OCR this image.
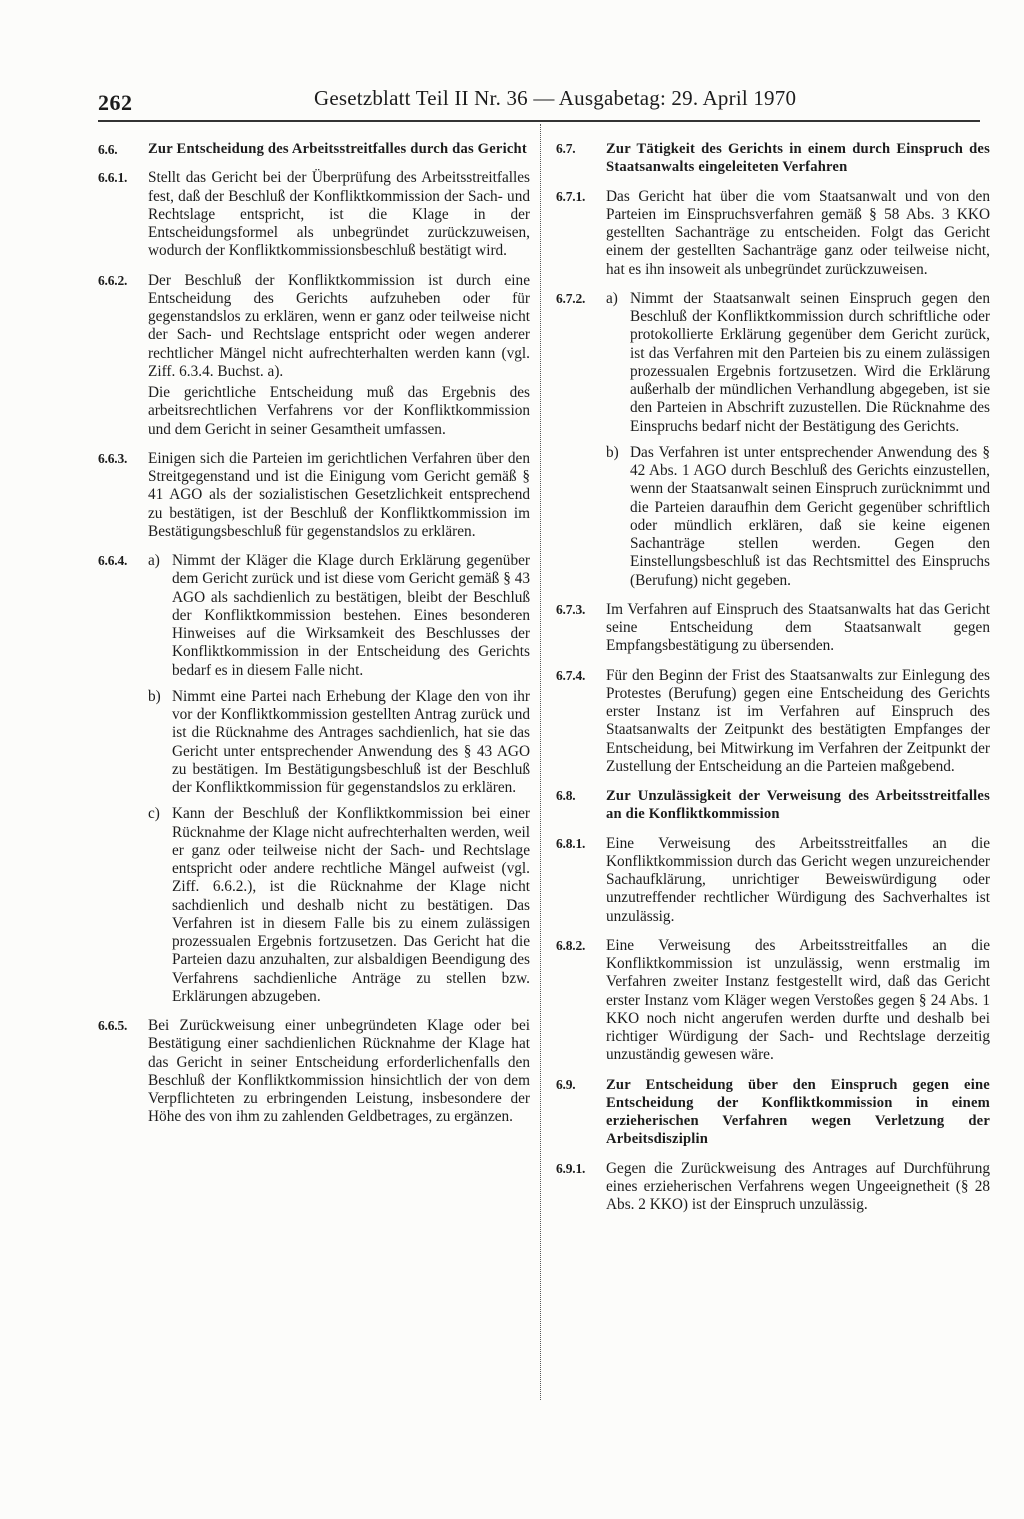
262	Gesetzblatt Teil II Nr. 36 — Ausgabetag: 29. April 1970
6.6. Zur Entscheidung des Arbeitsstreitfalles durch das Gericht

6.6.1. Stellt das Gericht bei der Überprüfung des Arbeitsstreitfalles fest, daß der Beschluß der Konfliktkommission der Sach- und Rechtslage entspricht, ist die Klage in der Entscheidungsformel als unbegründet zurückzuweisen, wodurch der Konfliktkommissionsbeschluß bestätigt wird.

6.6.2. Der Beschluß der Konfliktkommission ist durch eine Entscheidung des Gerichts aufzuheben oder für gegenstandslos zu erklären, wenn er ganz oder teilweise nicht der Sach- und Rechtslage entspricht oder wegen anderer rechtlicher Mängel nicht aufrechterhalten werden kann (vgl. Ziff. 6.3.4. Buchst. a).

Die gerichtliche Entscheidung muß das Ergebnis des arbeitsrechtlichen Verfahrens vor der Konfliktkommission und dem Gericht in seiner Gesamtheit umfassen.

6.6.3. Einigen sich die Parteien im gerichtlichen Verfahren über den Streitgegenstand und ist die Einigung vom Gericht gemäß § 41 AGO als der sozialistischen Gesetzlichkeit entsprechend zu bestätigen, ist der Beschluß der Konfliktkommission im Bestätigungsbeschluß für gegenstandslos zu erklären.

6.6.4. a) Nimmt der Kläger die Klage durch Erklärung gegenüber dem Gericht zurück und ist diese vom Gericht gemäß § 43 AGO als sachdienlich zu bestätigen, bleibt der Beschluß der Konfliktkommission bestehen. Eines besonderen Hinweises auf die Wirksamkeit des Beschlusses der Konfliktkommission in der Entscheidung des Gerichts bedarf es in diesem Falle nicht.

b) Nimmt eine Partei nach Erhebung der Klage den von ihr vor der Konfliktkommission gestellten Antrag zurück und ist die Rücknahme des Antrages sachdienlich, hat sie das Gericht unter entsprechender Anwendung des § 43 AGO zu bestätigen. Im Bestätigungsbeschluß ist der Beschluß der Konfliktkommission für gegenstandslos zu erklären.

c) Kann der Beschluß der Konfliktkommission bei einer Rücknahme der Klage nicht aufrechterhalten werden, weil er ganz oder teilweise nicht der Sach- und Rechtslage entspricht oder andere rechtliche Mängel aufweist (vgl. Ziff. 6.6.2.), ist die Rücknahme der Klage nicht sachdienlich und deshalb nicht zu bestätigen. Das Verfahren ist in diesem Falle bis zu einem zulässigen prozessualen Ergebnis fortzusetzen. Das Gericht hat die Parteien dazu anzuhalten, zur alsbaldigen Beendigung des Verfahrens sachdienliche Anträge zu stellen bzw. Erklärungen abzugeben.

6.6.5. Bei Zurückweisung einer unbegründeten Klage oder bei Bestätigung einer sachdienlichen Rücknahme der Klage hat das Gericht in seiner Entscheidung erforderlichenfalls den Beschluß der Konfliktkommission hinsichtlich der von dem Verpflichteten zu erbringenden Leistung, insbesondere der Höhe des von ihm zu zahlenden Geldbetrages, zu ergänzen.

6.7. Zur Tätigkeit des Gerichts in einem durch Einspruch des Staatsanwalts eingeleiteten Verfahren

6.7.1. Das Gericht hat über die vom Staatsanwalt und von den Parteien im Einspruchsverfahren gemäß § 58 Abs. 3 KKO gestellten Sachanträge zu entscheiden. Folgt das Gericht einem der gestellten Sachanträge ganz oder teilweise nicht, hat es ihn insoweit als unbegründet zurückzuweisen.

6.7.2. a) Nimmt der Staatsanwalt seinen Einspruch gegen den Beschluß der Konfliktkommission durch schriftliche oder protokollierte Erklärung gegenüber dem Gericht zurück, ist das Verfahren mit den Parteien bis zu einem zulässigen prozessualen Ergebnis fortzusetzen. Wird die Erklärung außerhalb der mündlichen Verhandlung abgegeben, ist sie den Parteien in Abschrift zuzustellen. Die Rücknahme des Einspruchs bedarf nicht der Bestätigung des Gerichts.

b) Das Verfahren ist unter entsprechender Anwendung des § 42 Abs. 1 AGO durch Beschluß des Gerichts einzustellen, wenn der Staatsanwalt seinen Einspruch zurücknimmt und die Parteien daraufhin dem Gericht gegenüber schriftlich oder mündlich erklären, daß sie keine eigenen Sachanträge stellen werden. Gegen den Einstellungsbeschluß ist das Rechtsmittel des Einspruchs (Berufung) nicht gegeben.

6.7.3. Im Verfahren auf Einspruch des Staatsanwalts hat das Gericht seine Entscheidung dem Staatsanwalt gegen Empfangsbestätigung zu übersenden.

6.7.4. Für den Beginn der Frist des Staatsanwalts zur Einlegung des Protestes (Berufung) gegen eine Entscheidung des Gerichts erster Instanz ist im Verfahren auf Einspruch des Staatsanwalts der Zeitpunkt des bestätigten Empfanges der Entscheidung, bei Mitwirkung im Verfahren der Zeitpunkt der Zustellung der Entscheidung an die Parteien maßgebend.

6.8. Zur Unzulässigkeit der Verweisung des Arbeitsstreitfalles an die Konfliktkommission

6.8.1. Eine Verweisung des Arbeitsstreitfalles an die Konfliktkommission durch das Gericht wegen unzureichender Sachaufklärung, unrichtiger Beweiswürdigung oder unzutreffender rechtlicher Würdigung des Sachverhaltes ist unzulässig.

6.8.2. Eine Verweisung des Arbeitsstreitfalles an die Konfliktkommission ist unzulässig, wenn erstmalig im Verfahren zweiter Instanz festgestellt wird, daß das Gericht erster Instanz vom Kläger wegen Verstoßes gegen § 24 Abs. 1 KKO noch nicht angerufen werden durfte und deshalb bei richtiger Würdigung der Sach- und Rechtslage derzeitig unzuständig gewesen wäre.

6.9. Zur Entscheidung über den Einspruch gegen eine Entscheidung der Konfliktkommission in einem erzieherischen Verfahren wegen Verletzung der Arbeitsdisziplin

6.9.1. Gegen die Zurückweisung des Antrages auf Durchführung eines erzieherischen Verfahrens wegen Ungeeignetheit (§ 28 Abs. 2 KKO) ist der Einspruch unzulässig.
